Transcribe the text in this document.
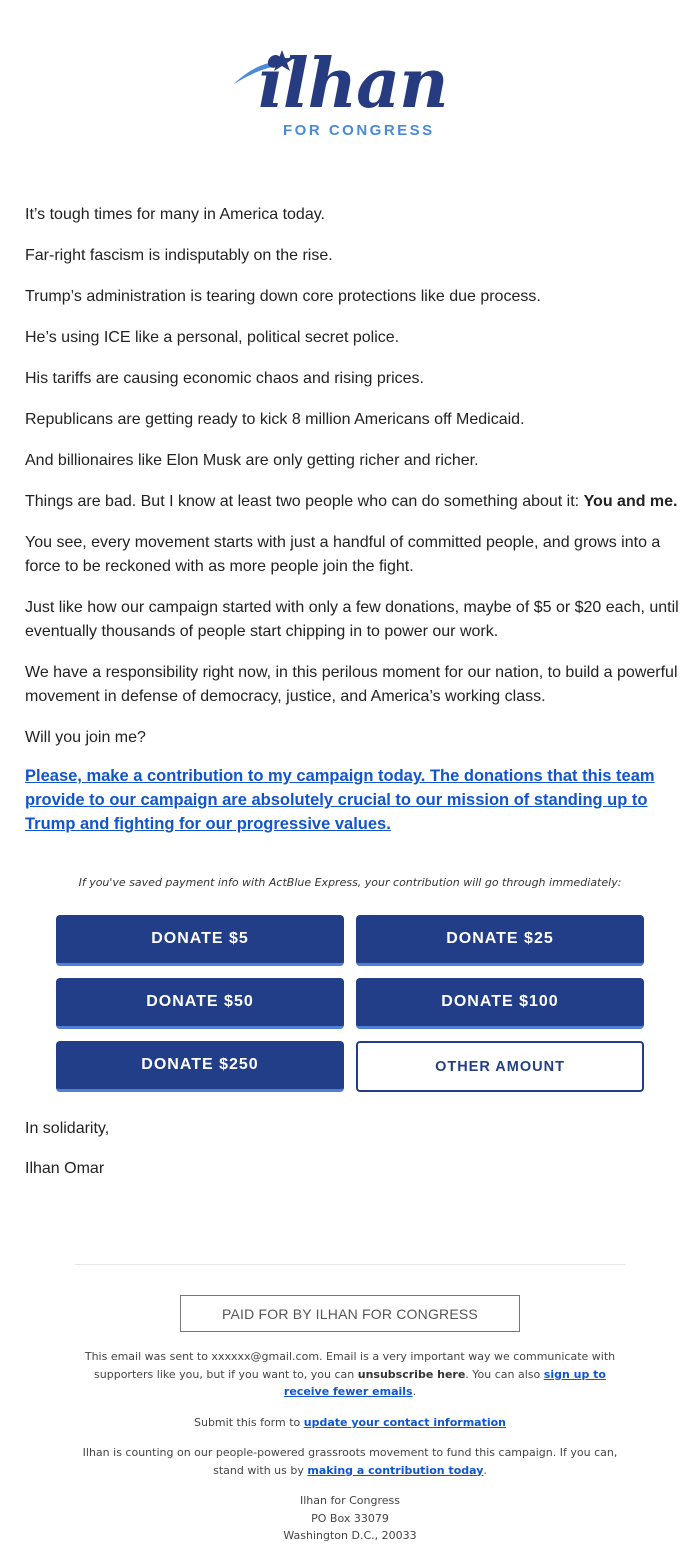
ilhan
FOR CONGRESS

It’s tough times for many in America today.

Far-right fascism is indisputably on the rise.

Trump’s administration is tearing down core protections like due process.

He’s using ICE like a personal, political secret police.

His tariffs are causing economic chaos and rising prices.

Republicans are getting ready to kick 8 million Americans off Medicaid.

And billionaires like Elon Musk are only getting richer and richer.

Things are bad. But I know at least two people who can do something about it: You and me.

You see, every movement starts with just a handful of committed people, and grows into a force to be reckoned with as more people join the fight.

Just like how our campaign started with only a few donations, maybe of $5 or $20 each, until eventually thousands of people start chipping in to power our work.

We have a responsibility right now, in this perilous moment for our nation, to build a powerful movement in defense of democracy, justice, and America’s working class.

Will you join me?

Please, make a contribution to my campaign today. The donations that this team provide to our campaign are absolutely crucial to our mission of standing up to Trump and fighting for our progressive values.
If you've saved payment info with ActBlue Express, your contribution will go through immediately:
DONATE $5	DONATE $25
DONATE $50	DONATE $100
DONATE $250	OTHER AMOUNT

In solidarity,

Ilhan Omar

PAID FOR BY ILHAN FOR CONGRESS
This email was sent to xxxxxx@gmail.com. Email is a very important way we communicate with supporters like you, but if you want to, you can unsubscribe here. You can also sign up to receive fewer emails.
Submit this form to update your contact information
Ilhan is counting on our people-powered grassroots movement to fund this campaign. If you can, stand with us by making a contribution today.
Ilhan for Congress
PO Box 33079
Washington D.C., 20033
